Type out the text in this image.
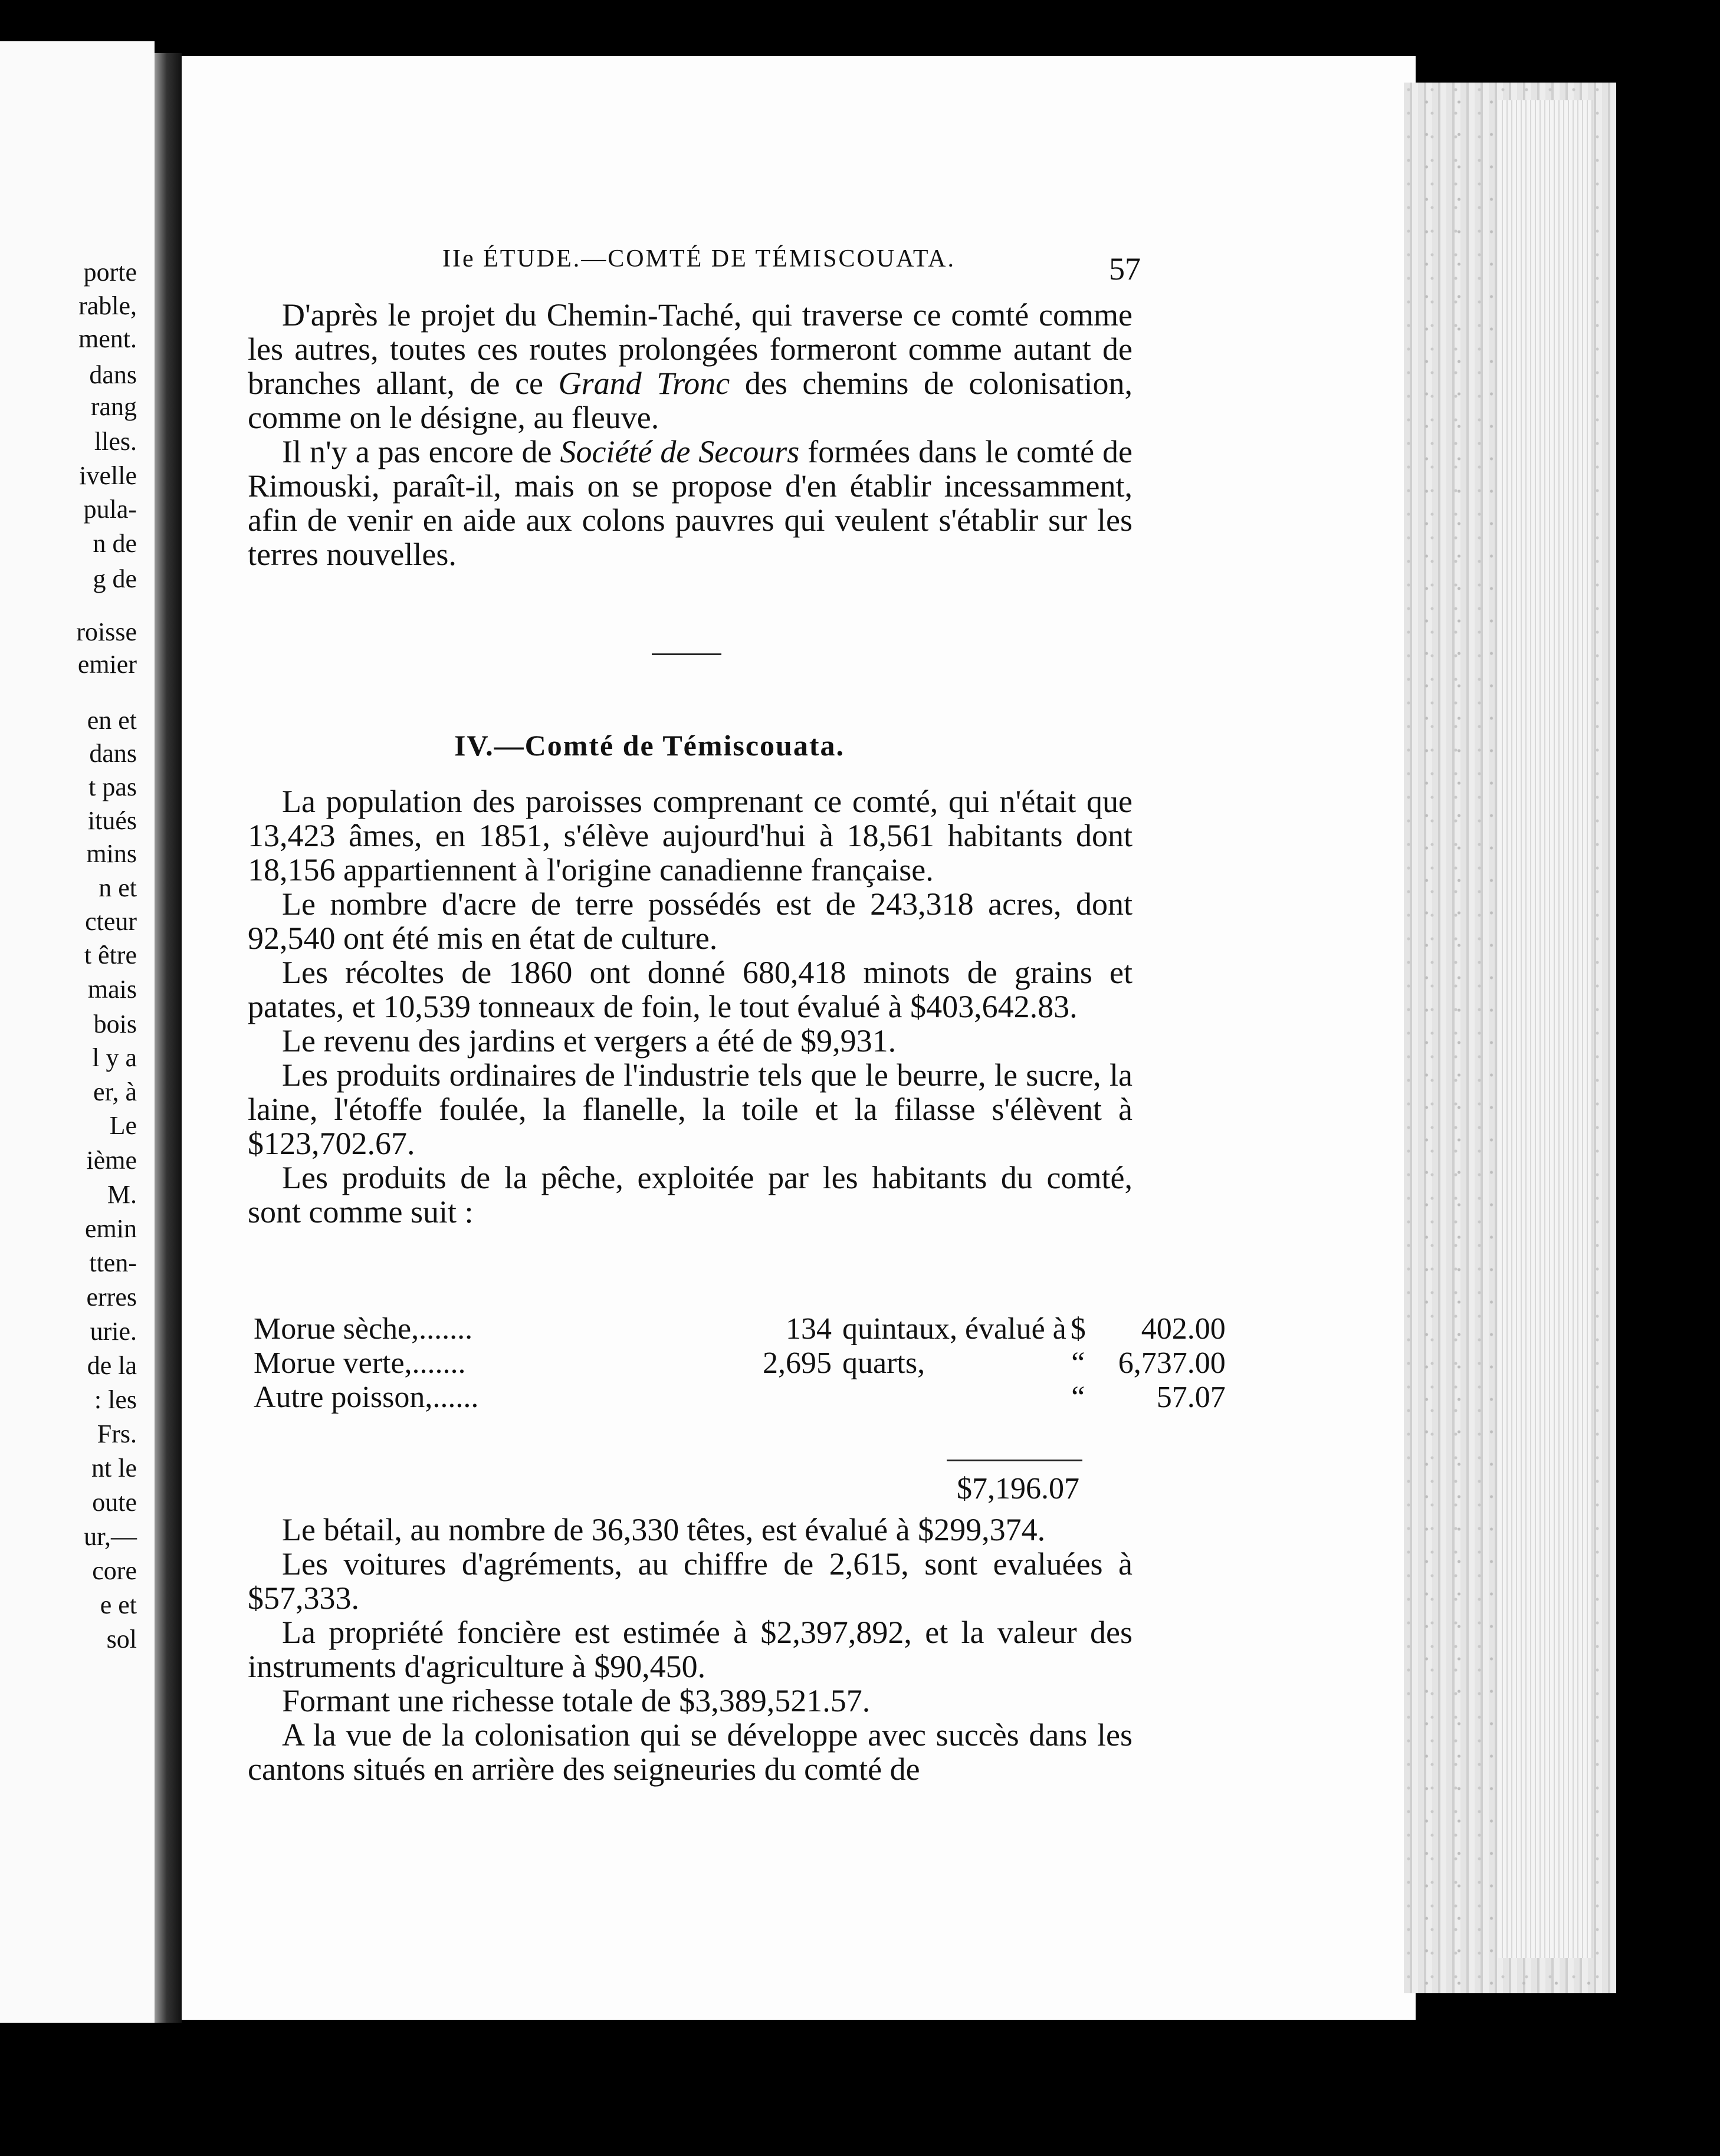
porte
rable,
ment.
dans
rang
lles.
ivelle
pula-
n de
g de
roisse
emier
en et
dans
t pas
itués
mins
n et
cteur
t être
mais
bois
l y a
er, à
Le
ième
M.
emin
tten-
erres
urie.
de la
: les
Frs.
nt le
oute
ur,—
core
e et
sol
IIe ÉTUDE.—COMTÉ DE TÉMISCOUATA.	57

D'après le projet du Chemin-Taché, qui traverse ce comté comme les autres, toutes ces routes prolongées formeront comme autant de branches allant, de ce Grand Tronc des chemins de colonisation, comme on le désigne, au fleuve.

Il n'y a pas encore de Société de Secours formées dans le comté de Rimouski, paraît-il, mais on se propose d'en établir incessamment, afin de venir en aide aux colons pauvres qui veulent s'établir sur les terres nouvelles.

IV.—Comté de Témiscouata.

La population des paroisses comprenant ce comté, qui n'était que 13,423 âmes, en 1851, s'élève aujourd'hui à 18,561 habitants dont 18,156 appartiennent à l'origine canadienne française.

Le nombre d'acre de terre possédés est de 243,318 acres, dont 92,540 ont été mis en état de culture.

Les récoltes de 1860 ont donné 680,418 minots de grains et patates, et 10,539 tonneaux de foin, le tout évalué à $403,642.83.

Le revenu des jardins et vergers a été de $9,931.

Les produits ordinaires de l'industrie tels que le beurre, le sucre, la laine, l'étoffe foulée, la flanelle, la toile et la filasse s'élèvent à $123,702.67.

Les produits de la pêche, exploitée par les habitants du comté, sont comme suit :

Morue sèche,.......	134	quintaux, évalué à	$	402.00
Morue verte,.......	2,695	quarts,	“	6,737.00
Autre poisson,......			“	57.07
$7,196.07

Le bétail, au nombre de 36,330 têtes, est évalué à $299,374.

Les voitures d'agréments, au chiffre de 2,615, sont evaluées à $57,333.

La propriété foncière est estimée à $2,397,892, et la valeur des instruments d'agriculture à $90,450.

Formant une richesse totale de $3,389,521.57.

A la vue de la colonisation qui se développe avec succès dans les cantons situés en arrière des seigneuries du comté de
